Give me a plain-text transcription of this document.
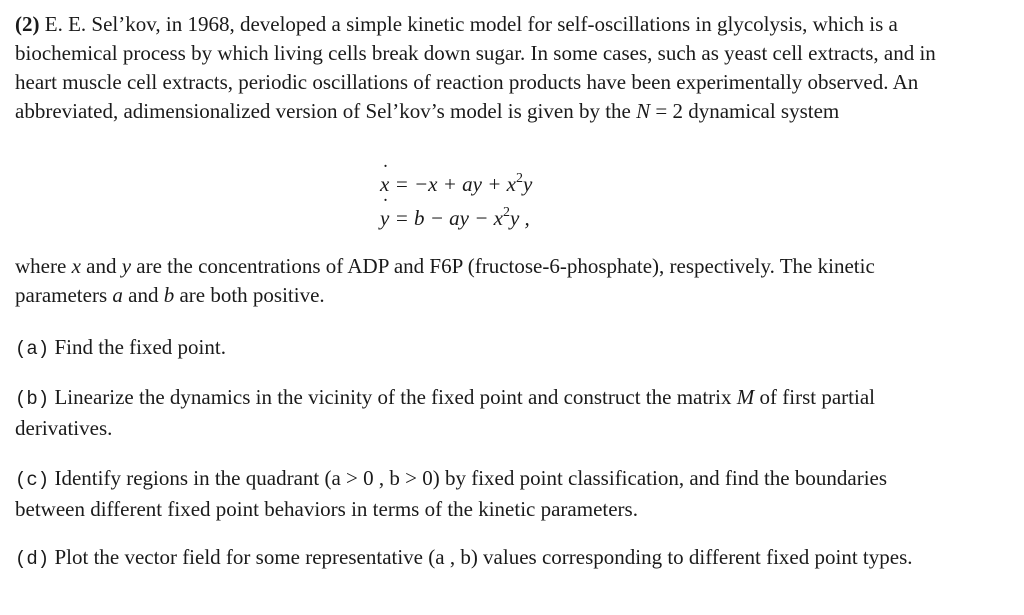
(2) E. E. Sel’kov, in 1968, developed a simple kinetic model for self-oscillations in glycolysis, which is a biochemical process by which living cells break down sugar. In some cases, such as yeast cell extracts, and in heart muscle cell extracts, periodic oscillations of reaction products have been experimentally observed. An abbreviated, adimensionalized version of Sel’kov’s model is given by the N = 2 dynamical system

x ˙ = −x + ay + $x^2y$
y ˙ = b − ay − $x^2y$ ,

where x and y are the concentrations of ADP and F6P (fructose-6-phosphate), respectively. The kinetic parameters a and b are both positive.

(a) Find the fixed point.

(b) Linearize the dynamics in the vicinity of the fixed point and construct the matrix M of first partial derivatives.

(c) Identify regions in the quadrant (a > 0 , b > 0) by fixed point classification, and find the boundaries between different fixed point behaviors in terms of the kinetic parameters.

(d) Plot the vector field for some representative (a , b) values corresponding to different fixed point types.
